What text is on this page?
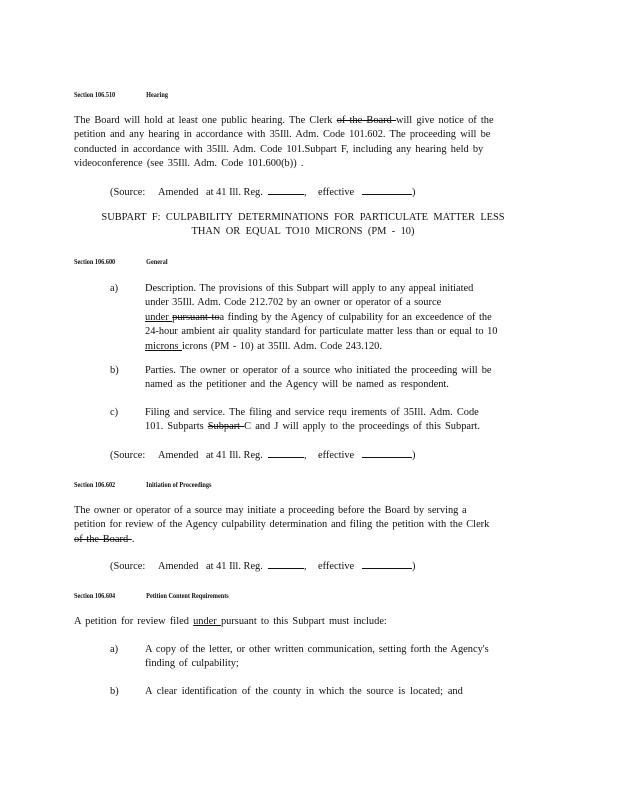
Section 106.510	Hearing
The Board will hold at least one public hearing. The Clerk of the Board will give notice of the
petition and any hearing in accordance with 35Ill. Adm. Code 101.602. The proceeding will be
conducted in accordance with 35Ill. Adm. Code 101.Subpart F, including any hearing held by
videoconference (see 35Ill. Adm. Code 101.600(b)) .
(Source: Amended at 41 Ill. Reg.	, effective	)
SUBPART F: CULPABILITY DETERMINATIONS FOR PARTICULATE MATTER LESS
THAN OR EQUAL TO10 MICRONS (PM - 10)
Section 106.600	General
a)	Description. The provisions of this Subpart will apply to any appeal initiated
under 35Ill. Adm. Code 212.702 by an owner or operator of a source
under pursuant toa finding by the Agency of culpability for an exceedence of the
24-hour ambient air quality standard for particulate matter less than or equal to 10
microns icrons (PM - 10) at 35Ill. Adm. Code 243.120.
b)	Parties. The owner or operator of a source who initiated the proceeding will be
named as the petitioner and the Agency will be named as respondent.
c)	Filing and service. The filing and service requ irements of 35Ill. Adm. Code
101. Subparts Subpart C and J will apply to the proceedings of this Subpart.
(Source: Amended at 41 Ill. Reg.	, effective	)
Section 106.602	Initiation of Proceedings
The owner or operator of a source may initiate a proceeding before the Board by serving a
petition for review of the Agency culpability determination and filing the petition with the Clerk
of the Board .
(Source: Amended at 41 Ill. Reg.	, effective	)
Section 106.604	Petition Content Requirements
A petition for review filed under pursuant to this Subpart must include:
a)	A copy of the letter, or other written communication, setting forth the Agency's
finding of culpability;
b)	A clear identification of the county in which the source is located; and
